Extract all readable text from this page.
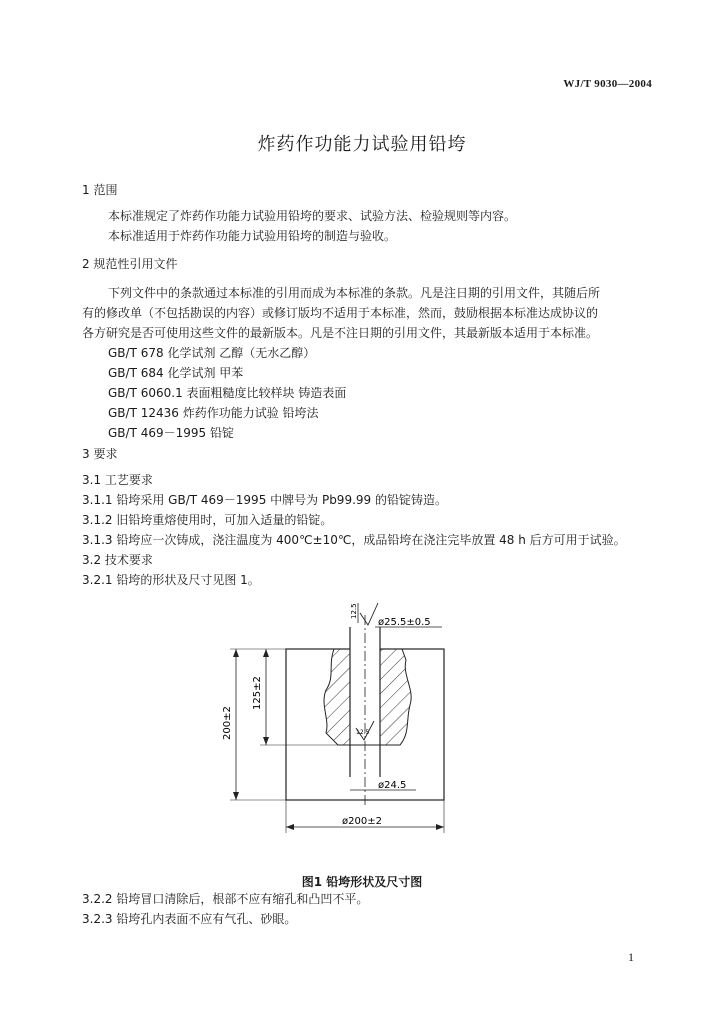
WJ/T 9030—2004
炸药作功能力试验用铅垮
1 范围
本标准规定了炸药作功能力试验用铅垮的要求、试验方法、检验规则等内容。
本标准适用于炸药作功能力试验用铅垮的制造与验收。
2 规范性引用文件
下列文件中的条款通过本标准的引用而成为本标准的条款。凡是注日期的引用文件，其随后所
有的修改单（不包括勘误的内容）或修订版均不适用于本标准，然而，鼓励根据本标准达成协议的
各方研究是否可使用这些文件的最新版本。凡是不注日期的引用文件，其最新版本适用于本标准。
GB/T 678 化学试剂 乙醇（无水乙醇）
GB/T 684 化学试剂 甲苯
GB/T 6060.1 表面粗糙度比较样块 铸造表面
GB/T 12436 炸药作功能力试验 铅垮法
GB/T 469－1995 铅锭
3 要求
3.1 工艺要求
3.1.1 铅垮采用 GB/T 469－1995 中牌号为 Pb99.99 的铅锭铸造。
3.1.2 旧铅垮重熔使用时，可加入适量的铅锭。
3.1.3 铅垮应一次铸成，浇注温度为 400℃±10℃，成品铅垮在浇注完毕放置 48 h 后方可用于试验。
3.2 技术要求
3.2.1 铅垮的形状及尺寸见图 1。
12.5
ø25.5±0.5
125±2
200±2	12.5
ø24.5
ø200±2
图1 铅垮形状及尺寸图
3.2.2 铅垮冒口清除后，根部不应有缩孔和凸凹不平。
3.2.3 铅垮孔内表面不应有气孔、砂眼。
1
